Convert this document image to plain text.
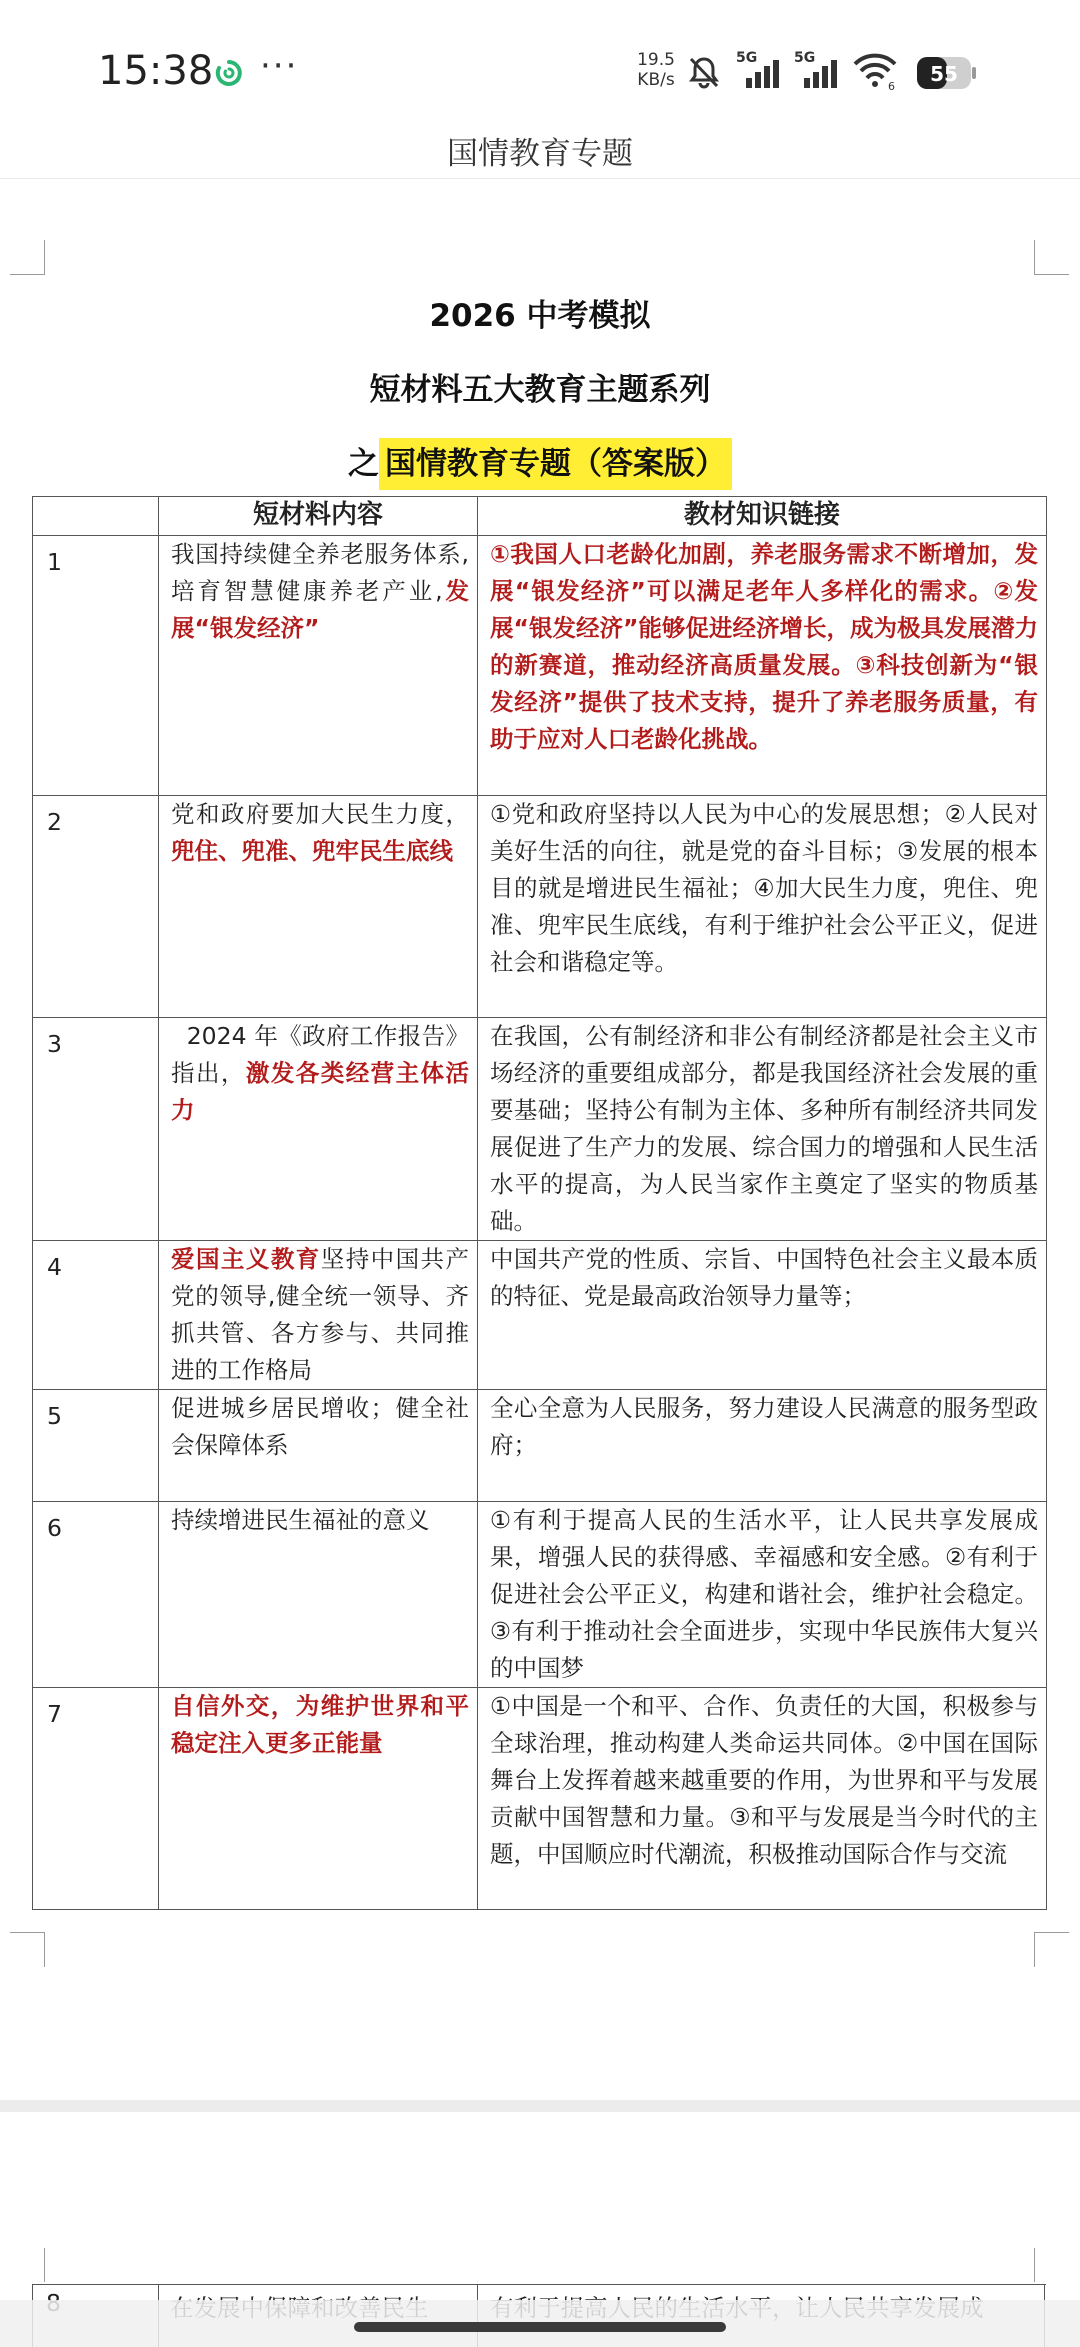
15:38 ···	19.5
KB/s
5G	5G
6
55
国情教育专题
2026 中考模拟
短材料五大教育主题系列
之 国情教育专题（答案版）
	短材料内容	教材知识链接
1	我国持续健全养老服务体系,培育智慧健康养老产业,发展“银发经济”	①我国人口老龄化加剧，养老服务需求不断增加，发展“银发经济”可以满足老年人多样化的需求。②发展“银发经济”能够促进经济增长，成为极具发展潜力的新赛道，推动经济高质量发展。③科技创新为“银发经济”提供了技术支持，提升了养老服务质量，有助于应对人口老龄化挑战。
2	党和政府要加大民生力度，兜住、兜准、兜牢民生底线	①党和政府坚持以人民为中心的发展思想；②人民对美好生活的向往，就是党的奋斗目标；③发展的根本目的就是增进民生福祉；④加大民生力度，兜住、兜准、兜牢民生底线，有利于维护社会公平正义，促进社会和谐稳定等。
3	2024 年《政府工作报告》指出，激发各类经营主体活力	在我国，公有制经济和非公有制经济都是社会主义市场经济的重要组成部分，都是我国经济社会发展的重要基础；坚持公有制为主体、多种所有制经济共同发展促进了生产力的发展、综合国力的增强和人民生活水平的提高，为人民当家作主奠定了坚实的物质基础。
4	爱国主义教育坚持中国共产党的领导,健全统一领导、齐抓共管、各方参与、共同推进的工作格局	中国共产党的性质、宗旨、中国特色社会主义最本质的特征、党是最高政治领导力量等；
5	促进城乡居民增收；健全社会保障体系	全心全意为人民服务，努力建设人民满意的服务型政府；
6	持续增进民生福祉的意义	①有利于提高人民的生活水平，让人民共享发展成果，增强人民的获得感、幸福感和安全感。②有利于促进社会公平正义，构建和谐社会，维护社会稳定。③有利于推动社会全面进步，实现中华民族伟大复兴的中国梦
7	自信外交，为维护世界和平稳定注入更多正能量	①中国是一个和平、合作、负责任的大国，积极参与全球治理，推动构建人类命运共同体。②中国在国际舞台上发挥着越来越重要的作用，为世界和平与发展贡献中国智慧和力量。③和平与发展是当今时代的主题，中国顺应时代潮流，积极推动国际合作与交流
